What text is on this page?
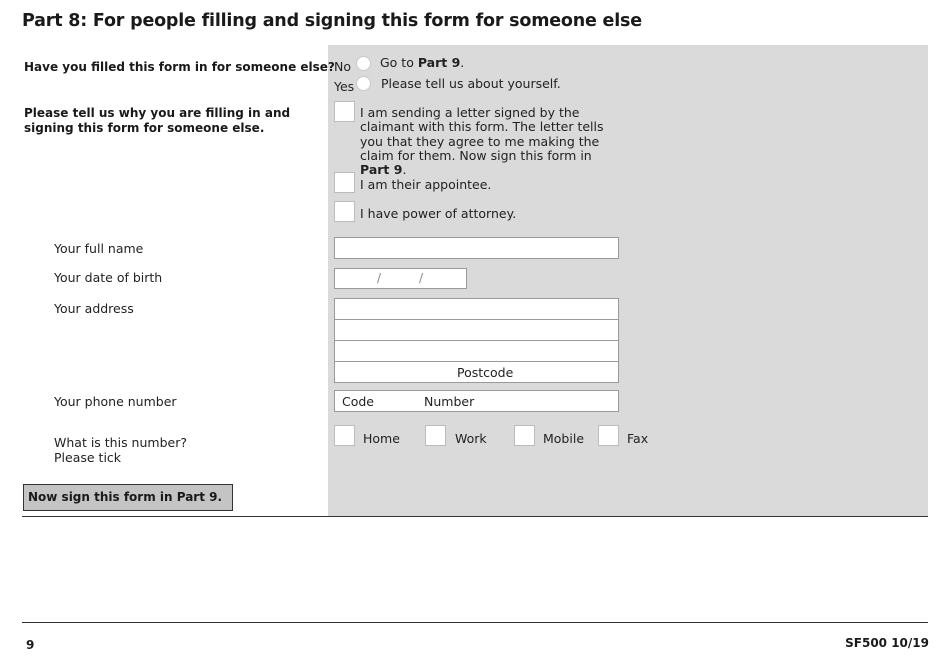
Part 8: For people filling and signing this form for someone else
Have you filled this form in for someone else? No Go to Part 9.
Yes Please tell us about yourself.
Please tell us why you are filling in and signing this form for someone else.
I am sending a letter signed by the claimant with this form. The letter tells you that they agree to me making the claim for them. Now sign this form in Part 9.
I am their appointee.
I have power of attorney.
Your full name
Your date of birth	/	/
Your address
Postcode
Your phone number	Code	Number
What is this number?
Please tick
Home	Work	Mobile	Fax
Now sign this form in Part 9.
9	SF500 10/19
